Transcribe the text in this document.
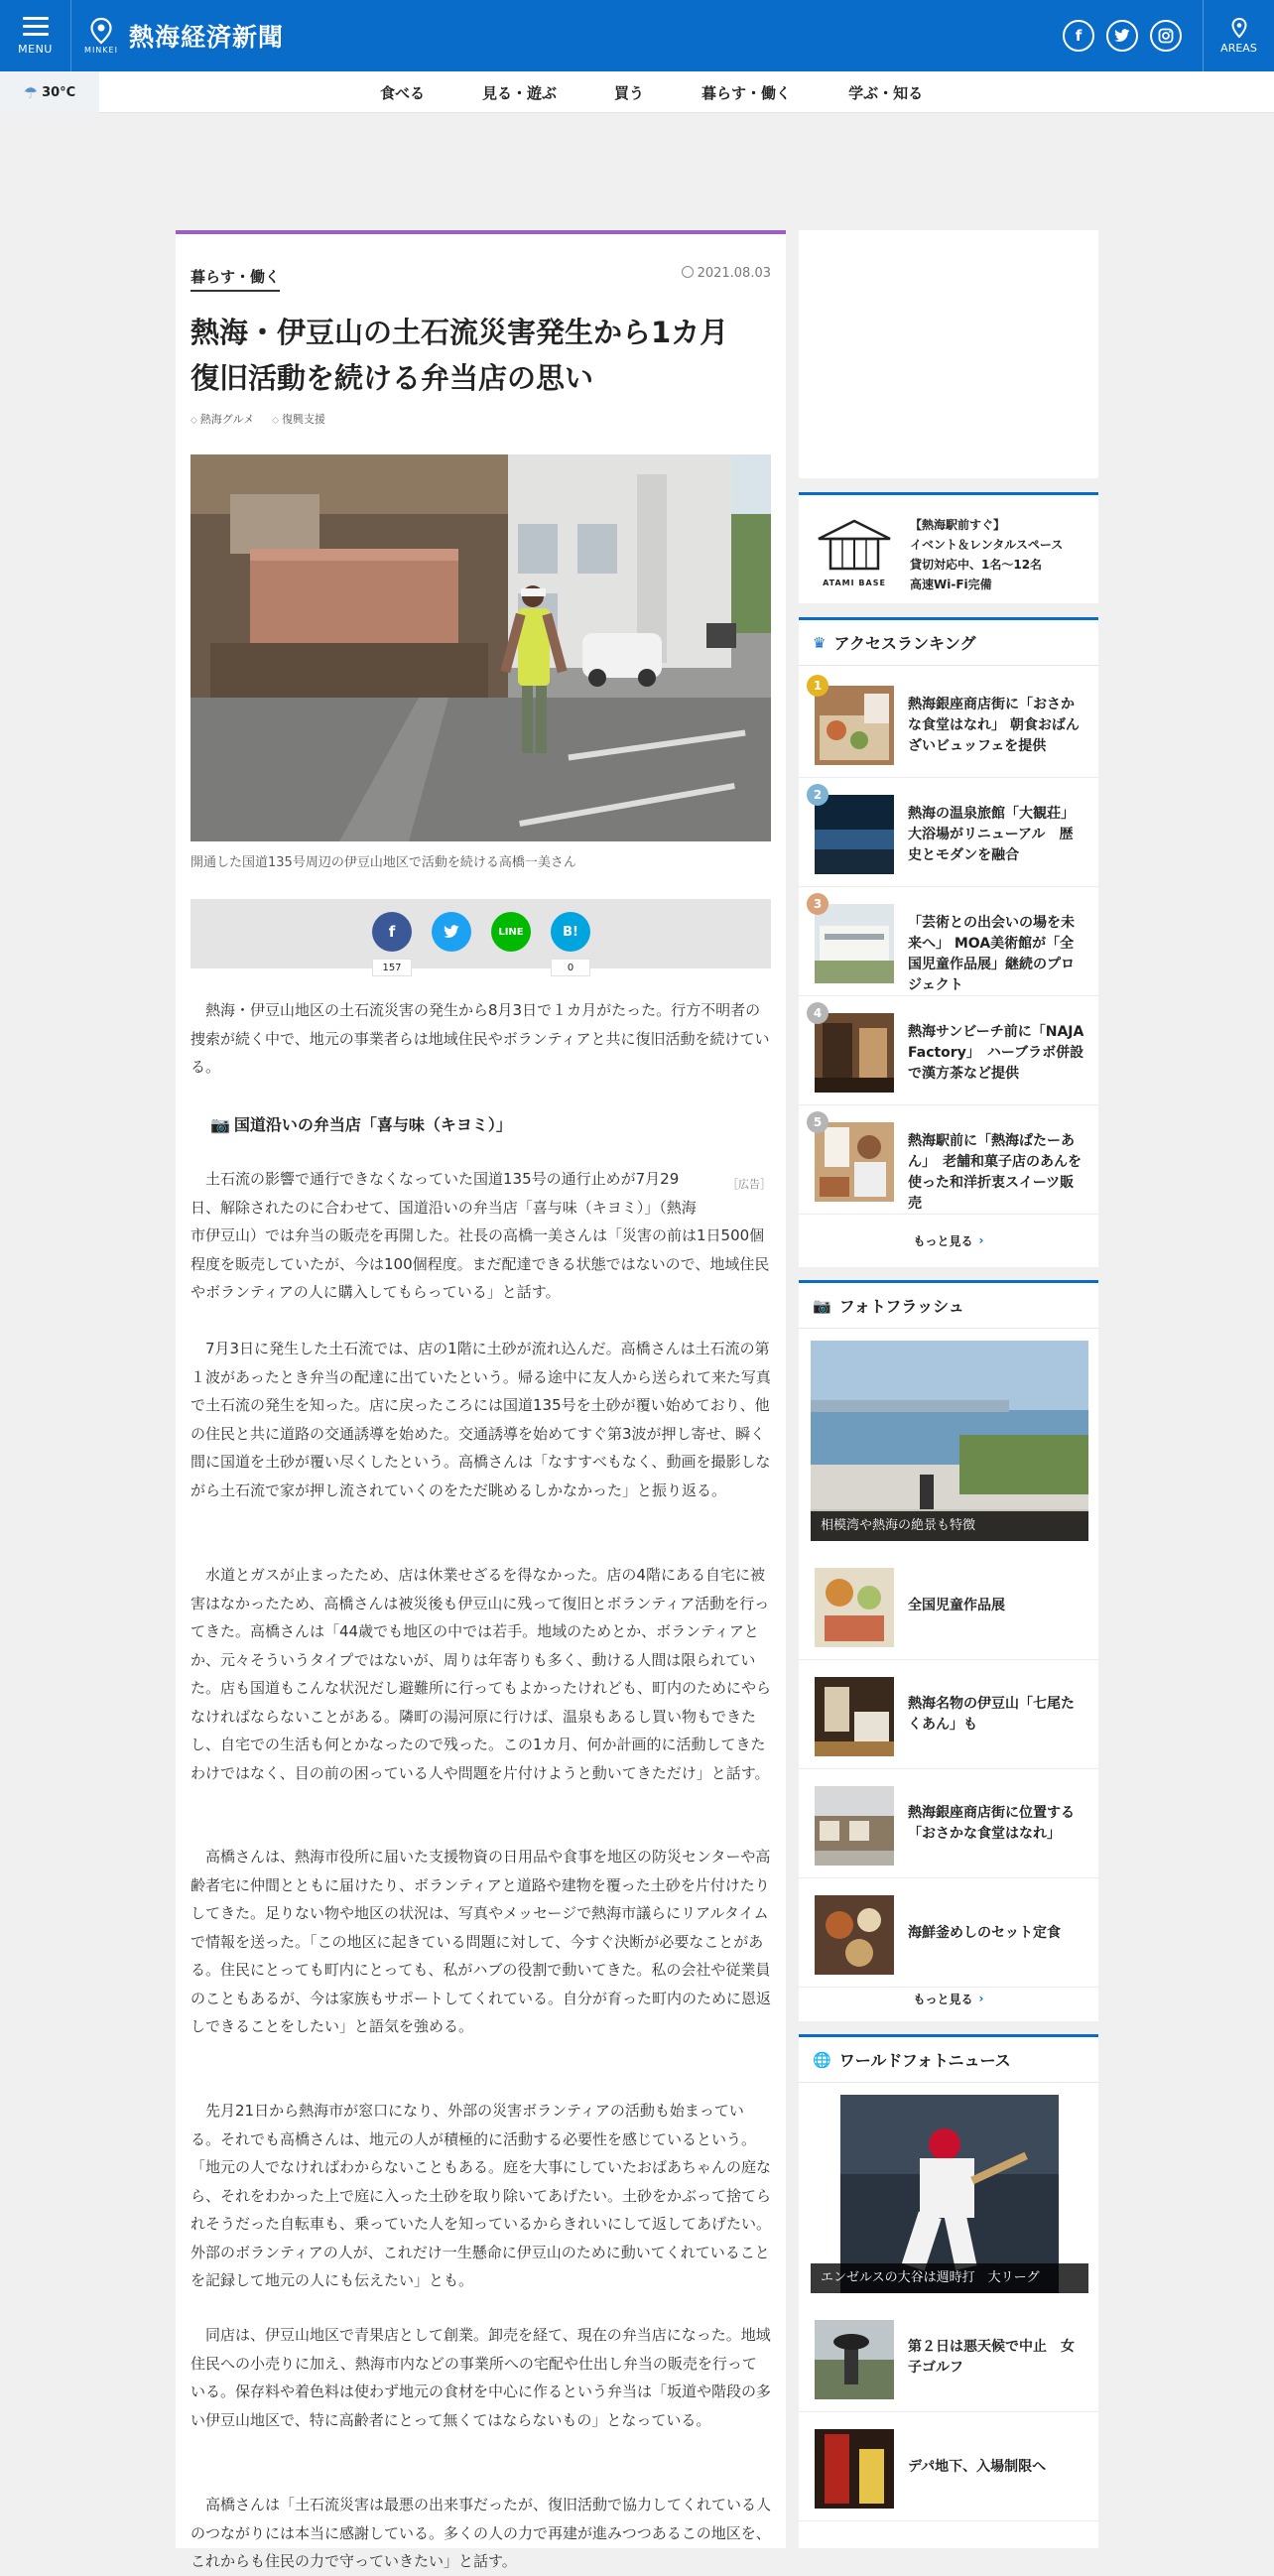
MENU	MINKEI 熱海経済新聞	f
AREAS
☂ 30°C	食べる	見る・遊ぶ	買う	暮らす・働く	学ぶ・知る
暮らす・働く	2021.08.03
熱海・伊豆山の土石流災害発生から1カ月　復旧活動を続ける弁当店の思い
◇ 熱海グルメ
◇	復興支援
開通した国道135号周辺の伊豆山地区で活動を続ける高橋一美さん
f
157
LINE	B!
0

　熱海・伊豆山地区の土石流災害の発生から8月3日で１カ月がたった。行方不明者の捜索が続く中で、地元の事業者らは地域住民やボランティアと共に復旧活動を続けている。

📷 国道沿いの弁当店「喜与味（キヨミ）」
［広告］
　土石流の影響で通行できなくなっていた国道135号の通行止めが7月29日、解除されたのに合わせて、国道沿いの弁当店「喜与味（キヨミ）」（熱海市伊豆山）では弁当の販売を再開した。社長の高橋一美さんは「災害の前は1日500個程度を販売していたが、今は100個程度。まだ配達できる状態ではないので、地域住民やボランティアの人に購入してもらっている」と話す。

　7月3日に発生した土石流では、店の1階に土砂が流れ込んだ。高橋さんは土石流の第１波があったとき弁当の配達に出ていたという。帰る途中に友人から送られて来た写真で土石流の発生を知った。店に戻ったころには国道135号を土砂が覆い始めており、他の住民と共に道路の交通誘導を始めた。交通誘導を始めてすぐ第3波が押し寄せ、瞬く間に国道を土砂が覆い尽くしたという。高橋さんは「なすすべもなく、動画を撮影しながら土石流で家が押し流されていくのをただ眺めるしかなかった」と振り返る。

　水道とガスが止まったため、店は休業せざるを得なかった。店の4階にある自宅に被害はなかったため、高橋さんは被災後も伊豆山に残って復旧とボランティア活動を行ってきた。高橋さんは「44歳でも地区の中では若手。地域のためとか、ボランティアとか、元々そういうタイプではないが、周りは年寄りも多く、動ける人間は限られていた。店も国道もこんな状況だし避難所に行ってもよかったけれども、町内のためにやらなければならないことがある。隣町の湯河原に行けば、温泉もあるし買い物もできたし、自宅での生活も何とかなったので残った。この1カ月、何か計画的に活動してきたわけではなく、目の前の困っている人や問題を片付けようと動いてきただけ」と話す。

　高橋さんは、熱海市役所に届いた支援物資の日用品や食事を地区の防災センターや高齢者宅に仲間とともに届けたり、ボランティアと道路や建物を覆った土砂を片付けたりしてきた。足りない物や地区の状況は、写真やメッセージで熱海市議らにリアルタイムで情報を送った。「この地区に起きている問題に対して、今すぐ決断が必要なことがある。住民にとっても町内にとっても、私がハブの役割で動いてきた。私の会社や従業員のこともあるが、今は家族もサポートしてくれている。自分が育った町内のために恩返しできることをしたい」と語気を強める。

　先月21日から熱海市が窓口になり、外部の災害ボランティアの活動も始まっている。それでも高橋さんは、地元の人が積極的に活動する必要性を感じているという。「地元の人でなければわからないこともある。庭を大事にしていたおばあちゃんの庭なら、それをわかった上で庭に入った土砂を取り除いてあげたい。土砂をかぶって捨てられそうだった自転車も、乗っていた人を知っているからきれいにして返してあげたい。外部のボランティアの人が、これだけ一生懸命に伊豆山のために動いてくれていることを記録して地元の人にも伝えたい」とも。

　同店は、伊豆山地区で青果店として創業。卸売を経て、現在の弁当店になった。地域住民への小売りに加え、熱海市内などの事業所への宅配や仕出し弁当の販売を行っている。保存料や着色料は使わず地元の食材を中心に作るという弁当は「坂道や階段の多い伊豆山地区で、特に高齢者にとって無くてはならないもの」となっている。

　高橋さんは「土石流災害は最悪の出来事だったが、復旧活動で協力してくれている人のつながりには本当に感謝している。多くの人の力で再建が進みつつあるこの地区を、これからも住民の力で守っていきたい」と話す。

ATAMI BASE
【熱海駅前すぐ】
イベント＆レンタルスペース
貸切対応中、1名～12名
高速Wi-Fi完備
♛ アクセスランキング
1
熱海銀座商店街に「おさかな食堂はなれ」 朝食おばんざいビュッフェを提供
2
熱海の温泉旅館「大観荘」大浴場がリニューアル　歴史とモダンを融合
3
「芸術との出会いの場を未来へ」 MOA美術館が「全国児童作品展」継続のプロジェクト
4
熱海サンビーチ前に「NAJA Factory」　ハーブラボ併設で漢方茶など提供
5
熱海駅前に「熱海ぱたーあん」　老舗和菓子店のあんを使った和洋折衷スイーツ販売
もっと見る ›
📷 フォトフラッシュ
相模湾や熱海の絶景も特徴
全国児童作品展
熱海名物の伊豆山「七尾たくあん」も
熱海銀座商店街に位置する「おさかな食堂はなれ」
海鮮釜めしのセット定食
もっと見る ›
🌐 ワールドフォトニュース
エンゼルスの大谷は週時打　大リーグ
第２日は悪天候で中止　女子ゴルフ
デパ地下、入場制限へ
